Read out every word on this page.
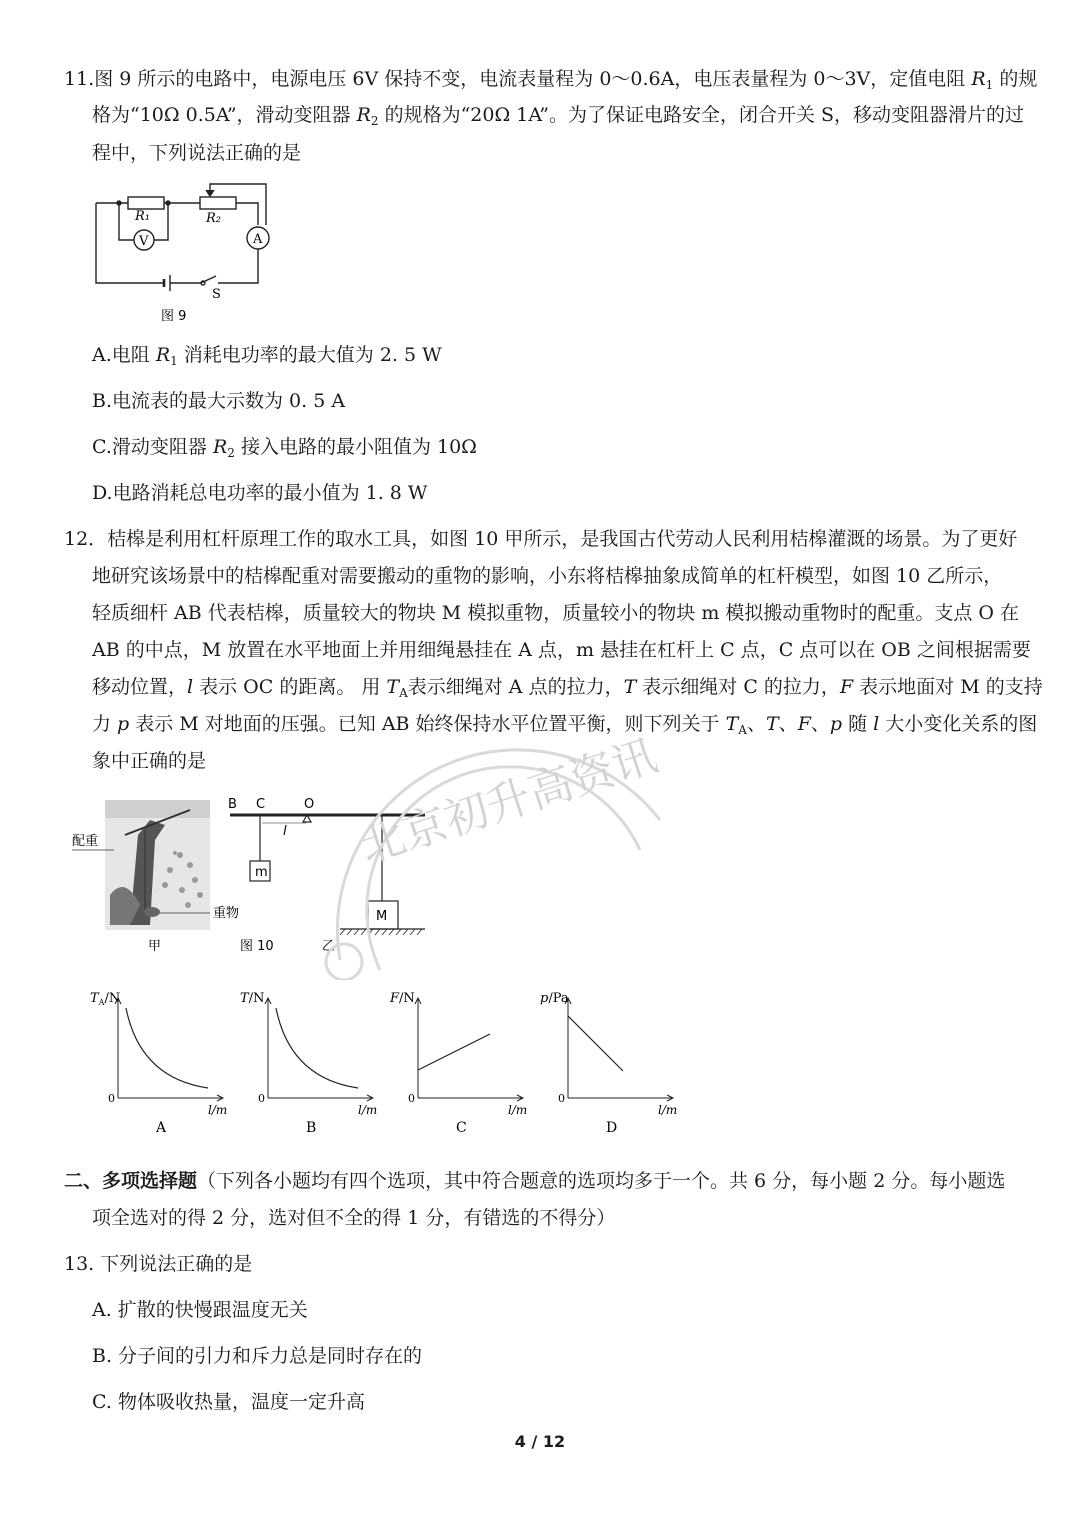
11.图 9 所示的电路中，电源电压 6V 保持不变，电流表量程为 0～0.6A，电压表量程为 0～3V，定值电阻 $R_1$ 的规
格为“10Ω 0.5A”，滑动变阻器 $R_2$ 的规格为“20Ω 1A”。为了保证电路安全，闭合开关 S，移动变阻器滑片的过
程中，下列说法正确的是
R₁	R₂
V	A
S
图 9
A.电阻 $R_1$ 消耗电功率的最大值为 2. 5 W
B.电流表的最大示数为 0. 5 A
C.滑动变阻器 $R_2$ 接入电路的最小阻值为 10Ω
D.电路消耗总电功率的最小值为 1. 8 W
12．桔槔是利用杠杆原理工作的取水工具，如图 10 甲所示，是我国古代劳动人民利用桔槔灌溉的场景。为了更好
地研究该场景中的桔槔配重对需要搬动的重物的影响，小东将桔槔抽象成简单的杠杆模型，如图 10 乙所示，
轻质细杆 AB 代表桔槔，质量较大的物块 M 模拟重物，质量较小的物块 m 模拟搬动重物时的配重。支点 O 在
AB 的中点，M 放置在水平地面上并用细绳悬挂在 A 点，m 悬挂在杠杆上 C 点，C 点可以在 OB 之间根据需要
移动位置，l 表示 OC 的距离。 用 $T_A$表示细绳对 A 点的拉力，T 表示细绳对 C 的拉力，F 表示地面对 M 的支持
力 p 表示 M 对地面的压强。已知 AB 始终保持水平位置平衡，则下列关于 $T_A$、T、F、p 随 l 大小变化关系的图
象中正确的是
配重
重物
甲	图 10
B C	O
l
m
M
乙
$T_A/N$
0
l/m
A
T/N
0
l/m
B
F/N
0
l/m
C
p/Pa
0
l/m
D
北京初升高资讯
二、多项选择题（下列各小题均有四个选项，其中符合题意的选项均多于一个。共 6 分，每小题 2 分。每小题选
项全选对的得 2 分，选对但不全的得 1 分，有错选的不得分）
13. 下列说法正确的是
A. 扩散的快慢跟温度无关
B. 分子间的引力和斥力总是同时存在的
C. 物体吸收热量，温度一定升高
4 / 12
